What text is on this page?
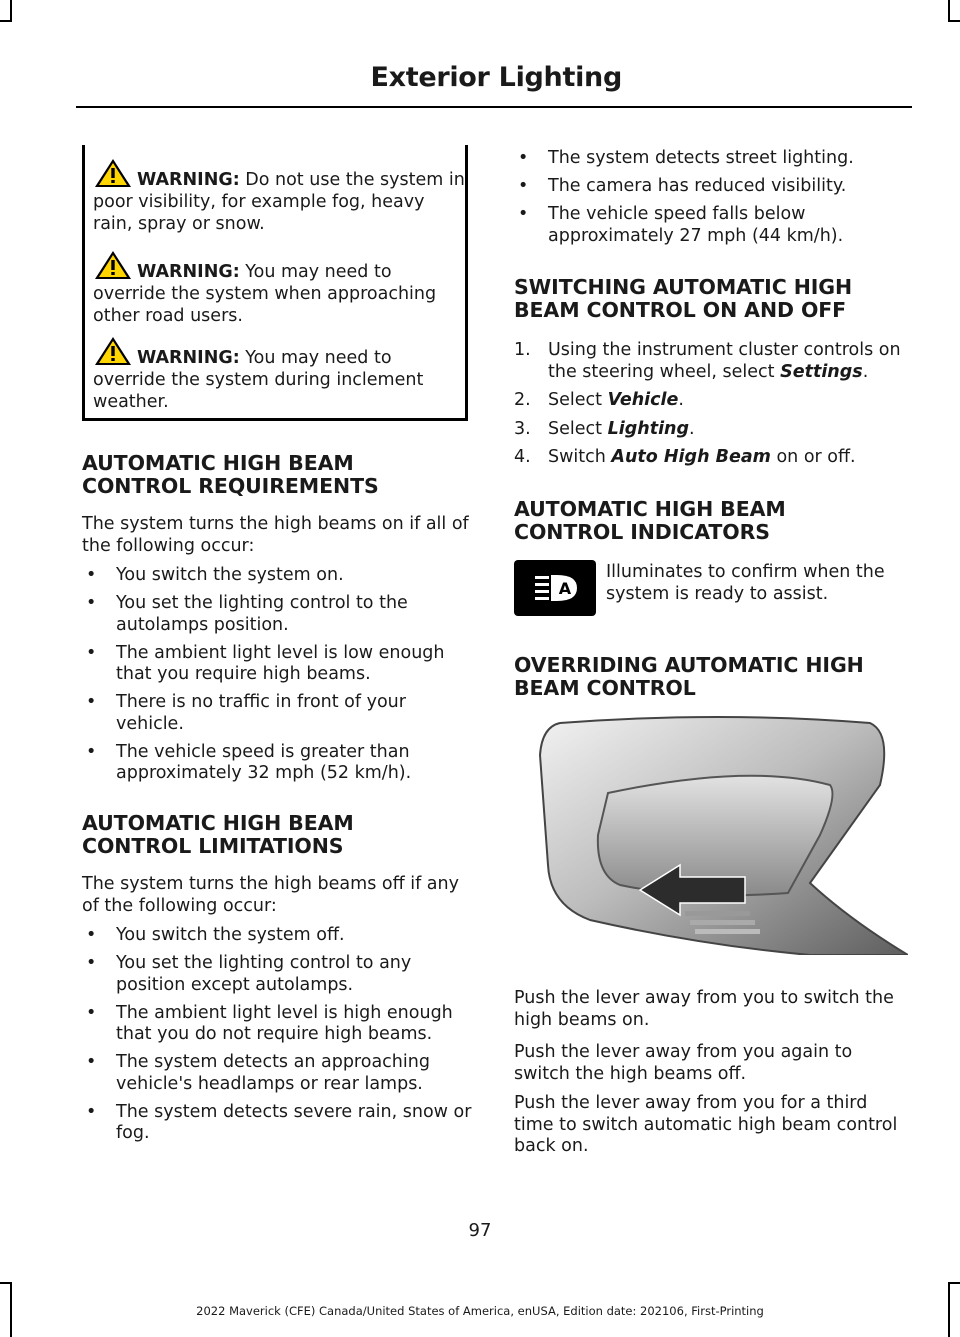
Exterior Lighting
WARNING: Do not use the system in poor visibility, for example fog, heavy rain, spray or snow.
WARNING: You may need to override the system when approaching other road users.
WARNING: You may need to override the system during inclement weather.
AUTOMATIC HIGH BEAM
CONTROL REQUIREMENTS

The system turns the high beams on if all of the following occur:

• You switch the system on.
• You set the lighting control to the autolamps position.
• The ambient light level is low enough that you require high beams.
• There is no traffic in front of your vehicle.
• The vehicle speed is greater than approximately 32 mph (52 km/h).
AUTOMATIC HIGH BEAM
CONTROL LIMITATIONS

The system turns the high beams off if any of the following occur:

• You switch the system off.
• You set the lighting control to any position except autolamps.
• The ambient light level is high enough that you do not require high beams.
• The system detects an approaching vehicle's headlamps or rear lamps.
• The system detects severe rain, snow or fog.
• The system detects street lighting.
• The camera has reduced visibility.
• The vehicle speed falls below approximately 27 mph (44 km/h).
SWITCHING AUTOMATIC HIGH
BEAM CONTROL ON AND OFF
1. Using the instrument cluster controls on the steering wheel, select Settings.
2. Select Vehicle.
3. Select Lighting.
4. Switch Auto High Beam on or off.
AUTOMATIC HIGH BEAM
CONTROL INDICATORS
A

Illuminates to confirm when the system is ready to assist.

OVERRIDING AUTOMATIC HIGH
BEAM CONTROL

Push the lever away from you to switch the high beams on.

Push the lever away from you again to switch the high beams off.

Push the lever away from you for a third time to switch automatic high beam control back on.

97
2022 Maverick (CFE) Canada/United States of America, enUSA, Edition date: 202106, First-Printing
